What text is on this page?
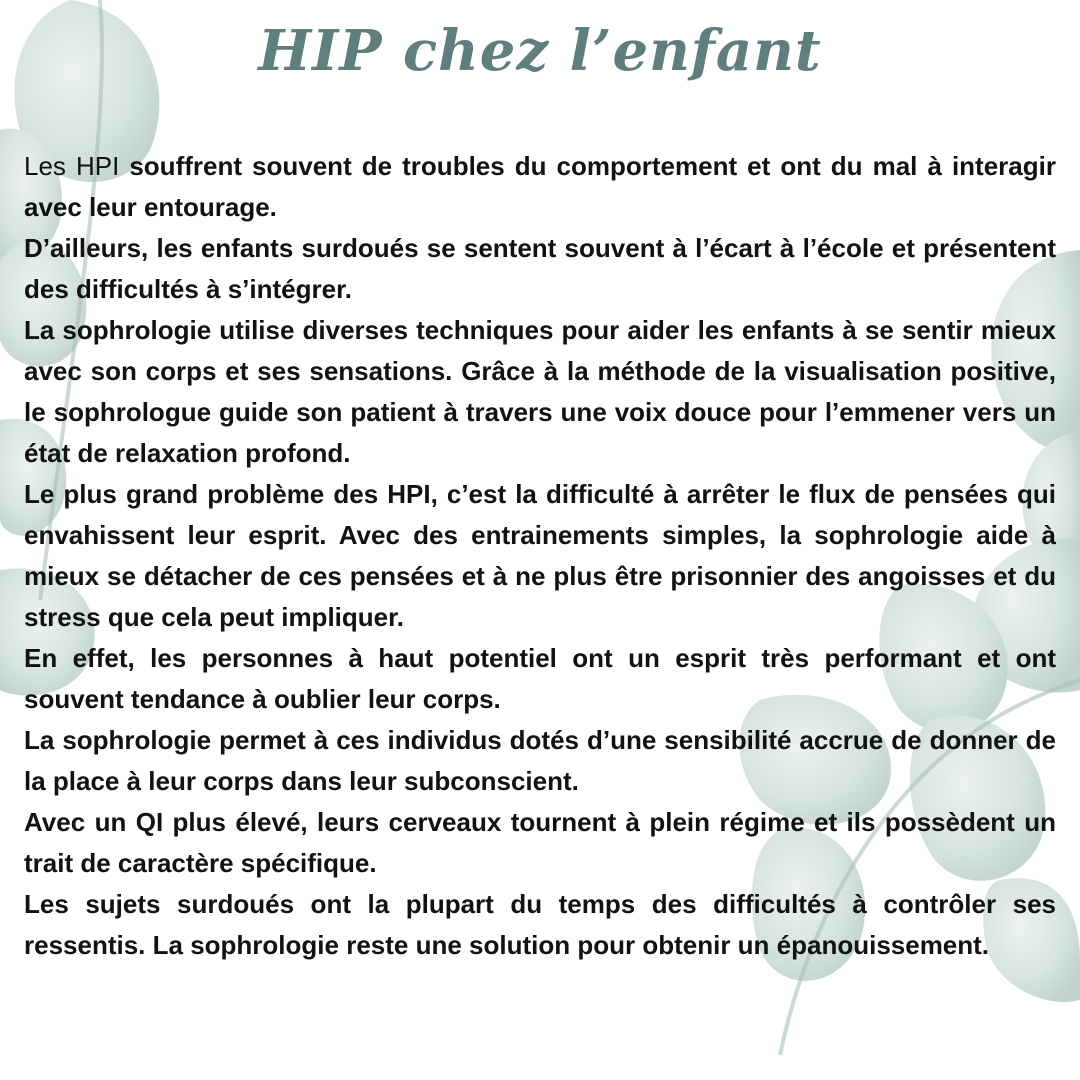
HIP chez l’enfant

Les HPI souffrent souvent de troubles du comportement et ont du mal à interagir avec leur entourage.

D’ailleurs, les enfants surdoués se sentent souvent à l’écart à l’école et présentent des difficultés à s’intégrer.

La sophrologie utilise diverses techniques pour aider les enfants à se sentir mieux avec son corps et ses sensations. Grâce à la méthode de la visualisation positive, le sophrologue guide son patient à travers une voix douce pour l’emmener vers un état de relaxation profond.

Le plus grand problème des HPI, c’est la difficulté à arrêter le flux de pensées qui envahissent leur esprit. Avec des entrainements simples, la sophrologie aide à mieux se détacher de ces pensées et à ne plus être prisonnier des angoisses et du stress que cela peut impliquer.

En effet, les personnes à haut potentiel ont un esprit très performant et ont souvent tendance à oublier leur corps.

La sophrologie permet à ces individus dotés d’une sensibilité accrue de donner de la place à leur corps dans leur subconscient.

Avec un QI plus élevé, leurs cerveaux tournent à plein régime et ils possèdent un trait de caractère spécifique.

Les sujets surdoués ont la plupart du temps des difficultés à contrôler ses ressentis. La sophrologie reste une solution pour obtenir un épanouissement.
